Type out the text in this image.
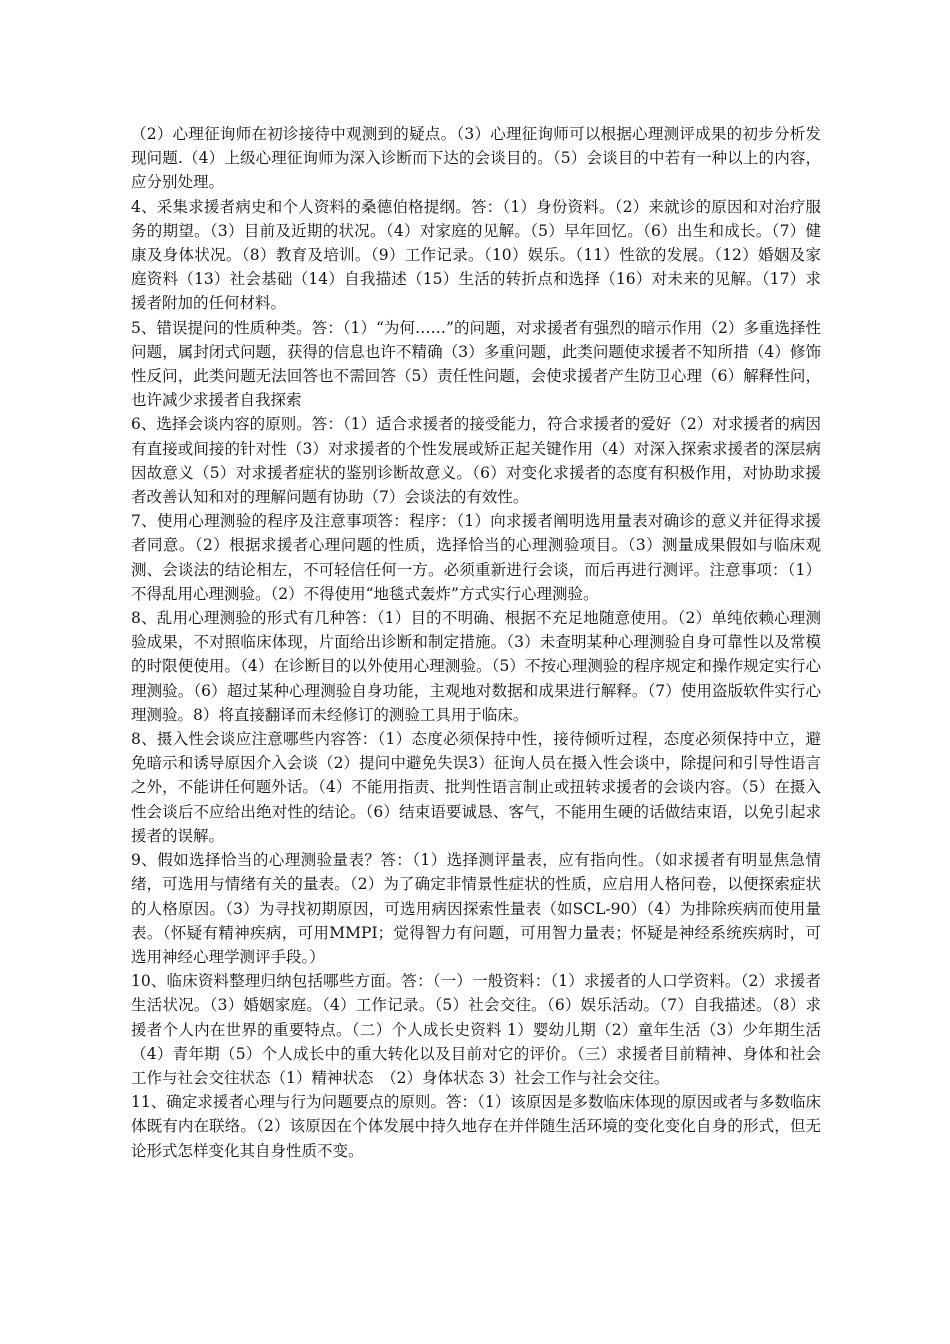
（2）心理征询师在初诊接待中观测到的疑点。（3）心理征询师可以根据心理测评成果的初步分析发现问题.（4）上级心理征询师为深入诊断而下达的会谈目的。（5）会谈目的中若有一种以上的内容，应分别处理。

4、采集求援者病史和个人资料的桑德伯格提纲。答：（1）身份资料。（2）来就诊的原因和对治疗服务的期望。（3）目前及近期的状况。（4）对家庭的见解。（5）早年回忆。（6）出生和成长。（7）健康及身体状况。（8）教育及培训。（9）工作记录。（10）娱乐。（11）性欲的发展。（12）婚姻及家庭资料（13）社会基础（14）自我描述（15）生活的转折点和选择（16）对未来的见解。（17）求援者附加的任何材料。

5、错误提问的性质种类。答：（1）“为何……”的问题，对求援者有强烈的暗示作用（2）多重选择性问题，属封闭式问题，获得的信息也许不精确（3）多重问题，此类问题使求援者不知所措（4）修饰性反问，此类问题无法回答也不需回答（5）责任性问题，会使求援者产生防卫心理（6）解释性问，也许减少求援者自我探索

6、选择会谈内容的原则。答：（1）适合求援者的接受能力，符合求援者的爱好（2）对求援者的病因有直接或间接的针对性（3）对求援者的个性发展或矫正起关键作用（4）对深入探索求援者的深层病因故意义（5）对求援者症状的鉴别诊断故意义。（6）对变化求援者的态度有积极作用，对协助求援者改善认知和对的理解问题有协助（7）会谈法的有效性。

7、使用心理测验的程序及注意事项答：程序：（1）向求援者阐明选用量表对确诊的意义并征得求援者同意。（2）根据求援者心理问题的性质，选择恰当的心理测验项目。（3）测量成果假如与临床观测、会谈法的结论相左，不可轻信任何一方。必须重新进行会谈，而后再进行测评。注意事项：（1）不得乱用心理测验。（2）不得使用“地毯式轰炸”方式实行心理测验。

8、乱用心理测验的形式有几种答：（1）目的不明确、根据不充足地随意使用。（2）单纯依赖心理测验成果，不对照临床体现，片面给出诊断和制定措施。（3）未查明某种心理测验自身可靠性以及常模的时限便使用。（4）在诊断目的以外使用心理测验。（5）不按心理测验的程序规定和操作规定实行心理测验。（6）超过某种心理测验自身功能，主观地对数据和成果进行解释。（7）使用盗版软件实行心理测验。8）将直接翻译而未经修订的测验工具用于临床。

8、摄入性会谈应注意哪些内容答：（1）态度必须保持中性，接待倾听过程，态度必须保持中立，避免暗示和诱导原因介入会谈（2）提问中避免失误3）征询人员在摄入性会谈中，除提问和引导性语言之外，不能讲任何题外话。（4）不能用指责、批判性语言制止或扭转求援者的会谈内容。（5）在摄入性会谈后不应给出绝对性的结论。（6）结束语要诚恳、客气，不能用生硬的话做结束语，以免引起求援者的误解。

9、假如选择恰当的心理测验量表？答：（1）选择测评量表，应有指向性。（如求援者有明显焦急情绪，可选用与情绪有关的量表。（2）为了确定非情景性症状的性质，应启用人格问卷，以便探索症状的人格原因。（3）为寻找初期原因，可选用病因探索性量表（如SCL-90）（4）为排除疾病而使用量表。（怀疑有精神疾病，可用MMPI；觉得智力有问题，可用智力量表；怀疑是神经系统疾病时，可选用神经心理学测评手段。）

10、临床资料整理归纳包括哪些方面。答：（一）一般资料：（1）求援者的人口学资料。（2）求援者生活状况。（3）婚姻家庭。（4）工作记录。（5）社会交往。（6）娱乐活动。（7）自我描述。（8）求援者个人内在世界的重要特点。（二）个人成长史资料 1）婴幼儿期（2）童年生活（3）少年期生活（4）青年期（5）个人成长中的重大转化以及目前对它的评价。（三）求援者目前精神、身体和社会工作与社会交往状态（1）精神状态　（2）身体状态 3）社会工作与社会交往。

11、确定求援者心理与行为问题要点的原则。答：（1）该原因是多数临床体现的原因或者与多数临床体既有内在联络。（2）该原因在个体发展中持久地存在并伴随生活环境的变化变化自身的形式，但无论形式怎样变化其自身性质不变。
